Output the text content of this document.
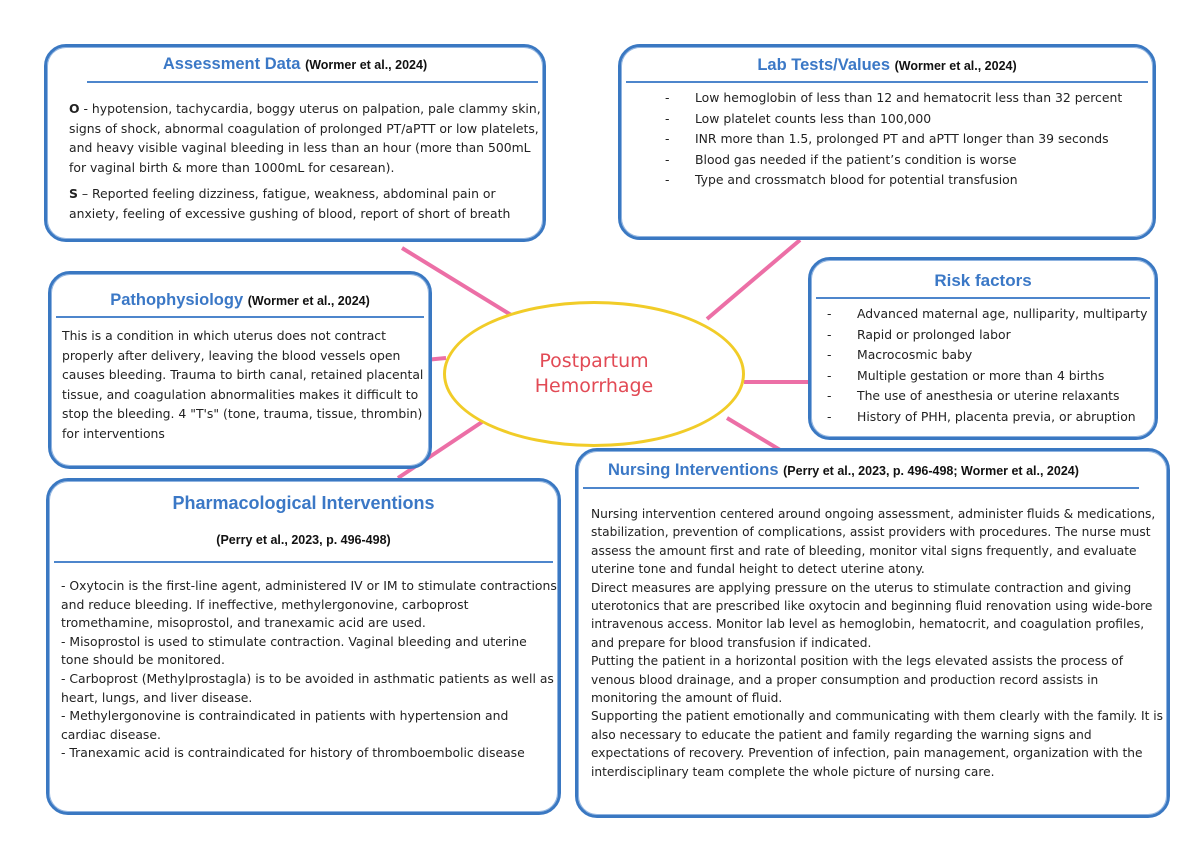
Assessment Data (Wormer et al., 2024)

O - hypotension, tachycardia, boggy uterus on palpation, pale clammy skin, signs of shock, abnormal coagulation of prolonged PT/aPTT or low platelets, and heavy visible vaginal bleeding in less than an hour (more than 500mL for vaginal birth & more than 1000mL for cesarean).

S – Reported feeling dizziness, fatigue, weakness, abdominal pain or anxiety, feeling of excessive gushing of blood, report of short of breath

Lab Tests/Values (Wormer et al., 2024)
- Low hemoglobin of less than 12 and hematocrit less than 32 percent
- Low platelet counts less than 100,000
- INR more than 1.5, prolonged PT and aPTT longer than 39 seconds
- Blood gas needed if the patient’s condition is worse
- Type and crossmatch blood for potential transfusion
Risk factors
- Advanced maternal age, nulliparity, multiparty
- Rapid or prolonged labor
- Macrocosmic baby
- Multiple gestation or more than 4 births
- The use of anesthesia or uterine relaxants
- History of PHH, placenta previa, or abruption
Pathophysiology (Wormer et al., 2024)
This is a condition in which uterus does not contract properly after delivery, leaving the blood vessels open causes bleeding. Trauma to birth canal, retained placental tissue, and coagulation abnormalities makes it difficult to stop the bleeding. 4 "T's" (tone, trauma, tissue, thrombin) for interventions
Postpartum
Hemorrhage
Pharmacological Interventions
(Perry et al., 2023, p. 496-498)

- Oxytocin is the first-line agent, administered IV or IM to stimulate contractions and reduce bleeding. If ineffective, methylergonovine, carboprost tromethamine, misoprostol, and tranexamic acid are used.

- Misoprostol is used to stimulate contraction. Vaginal bleeding and uterine tone should be monitored.

- Carboprost (Methylprostagla) is to be avoided in asthmatic patients as well as heart, lungs, and liver disease.

- Methylergonovine is contraindicated in patients with hypertension and cardiac disease.

- Tranexamic acid is contraindicated for history of thromboembolic disease

Nursing Interventions (Perry et al., 2023, p. 496-498; Wormer et al., 2024)

Nursing intervention centered around ongoing assessment, administer fluids & medications, stabilization, prevention of complications, assist providers with procedures. The nurse must assess the amount first and rate of bleeding, monitor vital signs frequently, and evaluate uterine tone and fundal height to detect uterine atony.

Direct measures are applying pressure on the uterus to stimulate contraction and giving uterotonics that are prescribed like oxytocin and beginning fluid renovation using wide-bore intravenous access. Monitor lab level as hemoglobin, hematocrit, and coagulation profiles, and prepare for blood transfusion if indicated.

Putting the patient in a horizontal position with the legs elevated assists the process of venous blood drainage, and a proper consumption and production record assists in monitoring the amount of fluid.

Supporting the patient emotionally and communicating with them clearly with the family. It is also necessary to educate the patient and family regarding the warning signs and expectations of recovery. Prevention of infection, pain management, organization with the interdisciplinary team complete the whole picture of nursing care.
